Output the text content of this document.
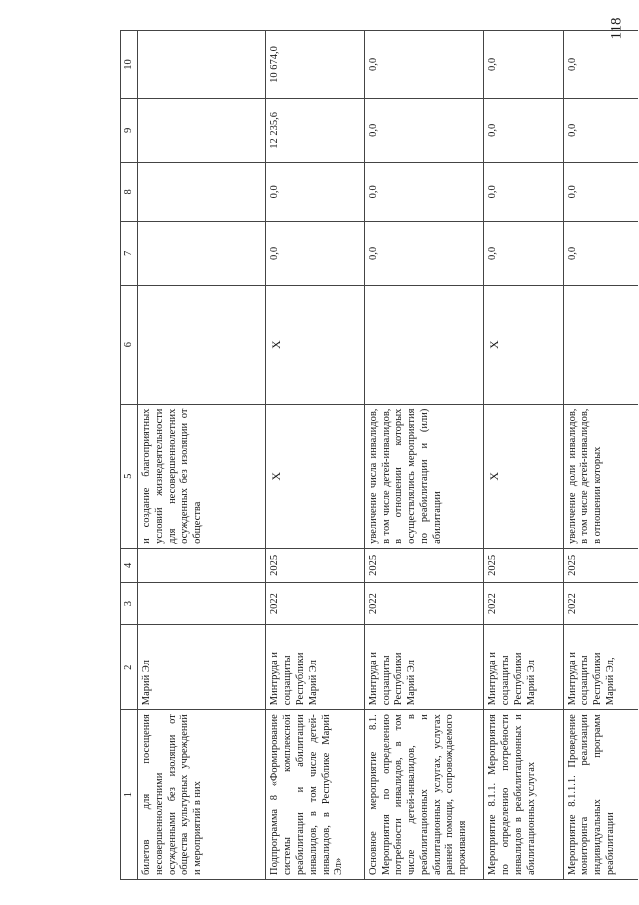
118
1	2	3	4	5	6	7	8	9	10
билетов для посещения несовершеннолетними осужденными без изоляции от общества культурных учреждений и мероприятий в них	Марий Эл			и создание благоприятных условий жизнедеятельности для несовершеннолетних осужденных без изоляции от общества					
Подпрограмма 8 «Формирование системы комплексной реабилитации и абилитации инвалидов, в том числе детей-инвалидов, в Республике Марий Эл»	Минтруда и соцзащиты Республики Марий Эл	2022	2025	X	X	0,0	0,0	12 235,6	10 674,0
Основное мероприятие 8.1. Мероприятия по определению потребности инвалидов, в том числе детей-инвалидов, в реабилитационных и абилитационных услугах, услугах ранней помощи, сопровождаемого проживания	Минтруда и соцзащиты Республики Марий Эл	2022	2025	увеличение числа инвалидов, в том числе детей-инвалидов, в отношении которых осуществлялись мероприятия по реабилитации и (или) абилитации		0,0	0,0	0,0	0,0
Мероприятие 8.1.1. Мероприятия по определению потребности инвалидов в реабилитационных и абилитационных услугах	Минтруда и соцзащиты Республики Марий Эл	2022	2025	X	X	0,0	0,0	0,0	0,0
Мероприятие 8.1.1.1. Проведение мониторинга реализации индивидуальных программ реабилитации	Минтруда и соцзащиты Республики Марий Эл,	2022	2025	увеличение доли инвалидов, в том числе детей-инвалидов, в отношении которых		0,0	0,0	0,0	0,0
